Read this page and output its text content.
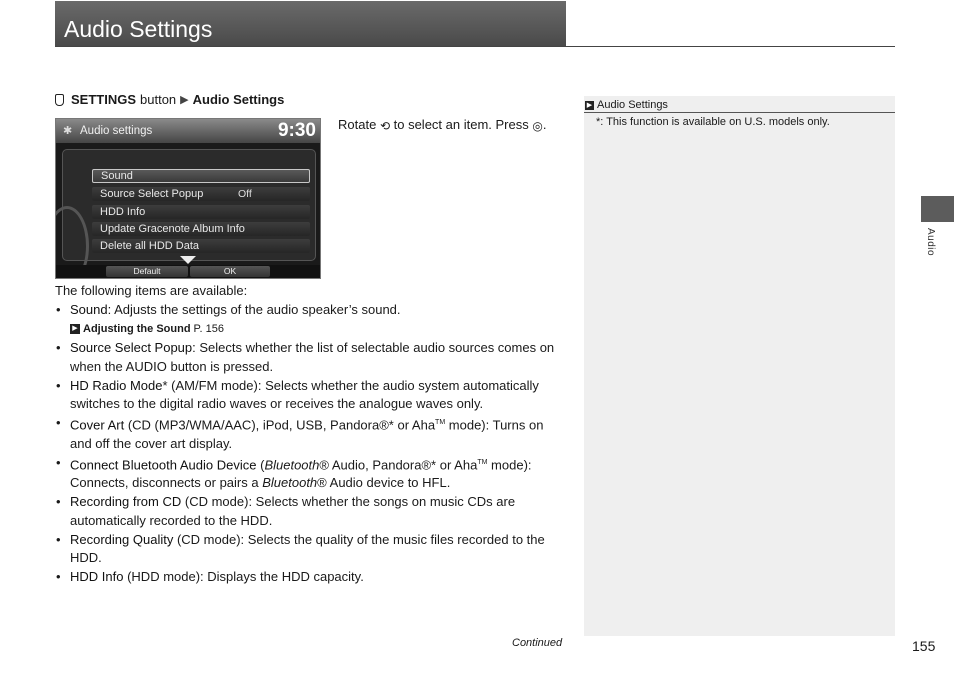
Audio Settings
Audio
SETTINGS button ▶ Audio Settings
✱ Audio settings	9:30
Sound
Source Select Popup	Off
HDD Info
Update Gracenote Album Info
Delete all HDD Data
Default	OK
Rotate ⟲ to select an item. Press ◎.
The following items are available:
• Sound: Adjusts the settings of the audio speaker’s sound.
▶ Adjusting the Sound P. 156
• Source Select Popup: Selects whether the list of selectable audio sources comes on when the AUDIO button is pressed.
• HD Radio Mode* (AM/FM mode): Selects whether the audio system automatically switches to the digital radio waves or receives the analogue waves only.
• Cover Art (CD (MP3/WMA/AAC), iPod, USB, Pandora®* or Aha™ mode): Turns on and off the cover art display.
• Connect Bluetooth Audio Device (Bluetooth® Audio, Pandora®* or Aha™ mode): Connects, disconnects or pairs a Bluetooth® Audio device to HFL.
• Recording from CD (CD mode): Selects whether the songs on music CDs are automatically recorded to the HDD.
• Recording Quality (CD mode): Selects the quality of the music files recorded to the HDD.
• HDD Info (HDD mode): Displays the HDD capacity.
▶ Audio Settings
*: This function is available on U.S. models only.
Continued	155
